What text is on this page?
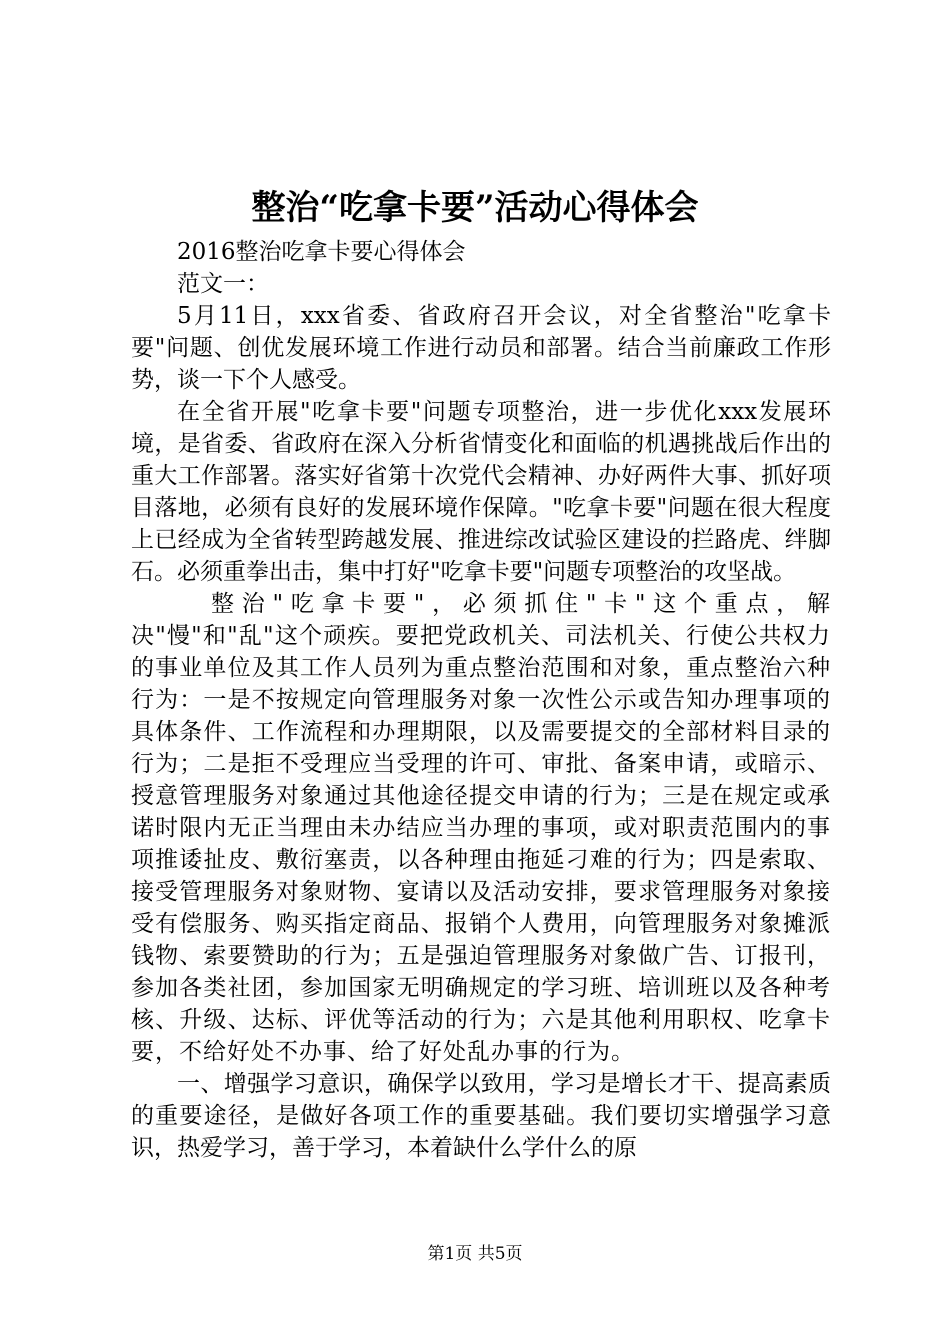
整治“吃拿卡要”活动心得体会

2016整治吃拿卡要心得体会

范文一：

5月11日，xxx省委、省政府召开会议，对全省整治"吃拿卡要"问题、创优发展环境工作进行动员和部署。结合当前廉政工作形势，谈一下个人感受。

在全省开展"吃拿卡要"问题专项整治，进一步优化xxx发展环境，是省委、省政府在深入分析省情变化和面临的机遇挑战后作出的重大工作部署。落实好省第十次党代会精神、办好两件大事、抓好项目落地，必须有良好的发展环境作保障。"吃拿卡要"问题在很大程度上已经成为全省转型跨越发展、推进综改试验区建设的拦路虎、绊脚石。必须重拳出击，集中打好"吃拿卡要"问题专项整治的攻坚战。

整治"吃拿卡要"，必须抓住"卡"这个重点，解决"慢"和"乱"这个顽疾。要把党政机关、司法机关、行使公共权力的事业单位及其工作人员列为重点整治范围和对象，重点整治六种行为：一是不按规定向管理服务对象一次性公示或告知办理事项的具体条件、工作流程和办理期限，以及需要提交的全部材料目录的行为；二是拒不受理应当受理的许可、审批、备案申请，或暗示、授意管理服务对象通过其他途径提交申请的行为；三是在规定或承诺时限内无正当理由未办结应当办理的事项，或对职责范围内的事项推诿扯皮、敷衍塞责，以各种理由拖延刁难的行为；四是索取、接受管理服务对象财物、宴请以及活动安排，要求管理服务对象接受有偿服务、购买指定商品、报销个人费用，向管理服务对象摊派钱物、索要赞助的行为；五是强迫管理服务对象做广告、订报刊，参加各类社团，参加国家无明确规定的学习班、培训班以及各种考核、升级、达标、评优等活动的行为；六是其他利用职权、吃拿卡要，不给好处不办事、给了好处乱办事的行为。

一、增强学习意识，确保学以致用，学习是增长才干、提高素质的重要途径，是做好各项工作的重要基础。我们要切实增强学习意识，热爱学习，善于学习，本着缺什么学什么的原

第1页 共5页
